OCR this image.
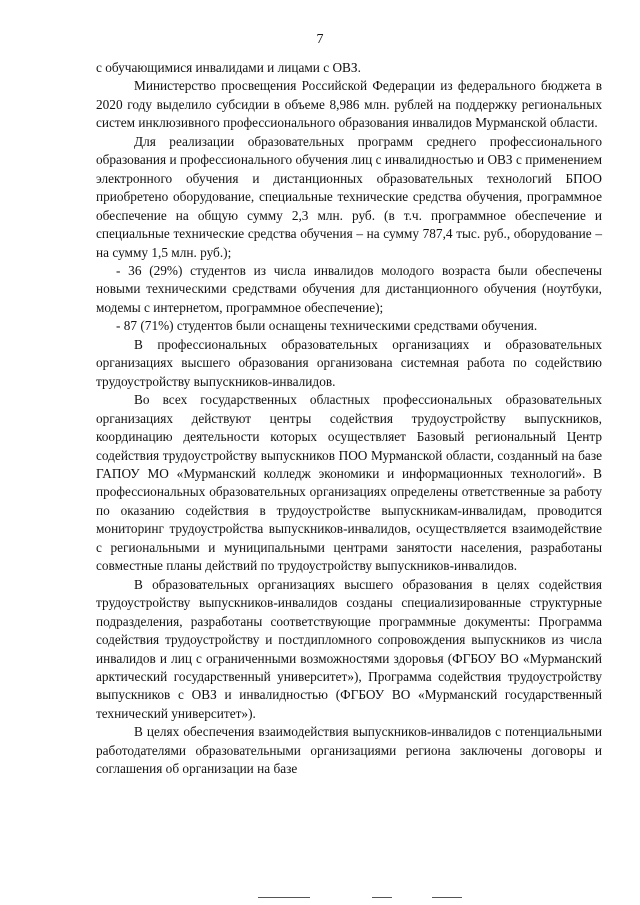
7

с обучающимися инвалидами и лицами с ОВЗ.

Министерство просвещения Российской Федерации из федерального бюджета в 2020 году выделило субсидии в объеме 8,986 млн. рублей на поддержку региональных систем инклюзивного профессионального образования инвалидов Мурманской области.

Для реализации образовательных программ среднего профессионального образования и профессионального обучения лиц с инвалидностью и ОВЗ с применением электронного обучения и дистанционных образовательных технологий БПОО приобретено оборудование, специальные технические средства обучения, программное обеспечение на общую сумму 2,3 млн. руб. (в т.ч. программное обеспечение и специальные технические средства обучения – на сумму 787,4 тыс. руб., оборудование – на сумму 1,5 млн. руб.);

- 36 (29%) студентов из числа инвалидов молодого возраста были обеспечены новыми техническими средствами обучения для дистанционного обучения (ноутбуки, модемы с интернетом, программное обеспечение);

- 87 (71%) студентов были оснащены техническими средствами обучения.

В профессиональных образовательных организациях и образовательных организациях высшего образования организована системная работа по содействию трудоустройству выпускников-инвалидов.

Во всех государственных областных профессиональных образовательных организациях действуют центры содействия трудоустройству выпускников, координацию деятельности которых осуществляет Базовый региональный Центр содействия трудоустройству выпускников ПОО Мурманской области, созданный на базе ГАПОУ МО «Мурманский колледж экономики и информационных технологий». В профессиональных образовательных организациях определены ответственные за работу по оказанию содействия в трудоустройстве выпускникам-инвалидам, проводится мониторинг трудоустройства выпускников-инвалидов, осуществляется взаимодействие с региональными и муниципальными центрами занятости населения, разработаны совместные планы действий по трудоустройству выпускников-инвалидов.

В образовательных организациях высшего образования в целях содействия трудоустройству выпускников-инвалидов созданы специализированные структурные подразделения, разработаны соответствующие программные документы: Программа содействия трудоустройству и постдипломного сопровождения выпускников из числа инвалидов и лиц с ограниченными возможностями здоровья (ФГБОУ ВО «Мурманский арктический государственный университет»), Программа содействия трудоустройству выпускников с ОВЗ и инвалидностью (ФГБОУ ВО «Мурманский государственный технический университет»).

В целях обеспечения взаимодействия выпускников-инвалидов с потенциальными работодателями образовательными организациями региона заключены договоры и соглашения об организации на базе
